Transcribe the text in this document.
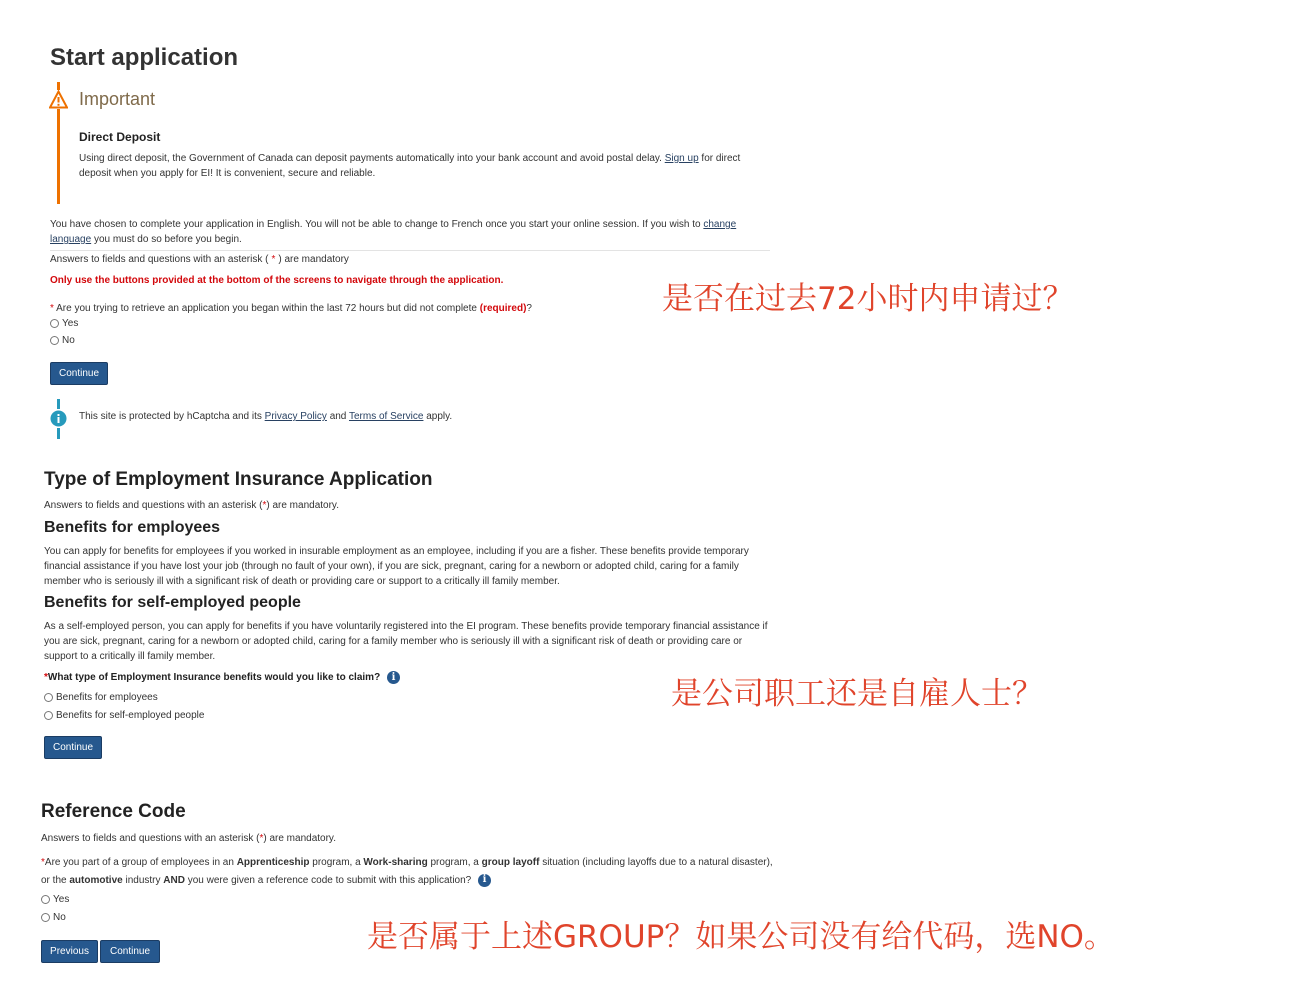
Start application
Important
Direct Deposit
Using direct deposit, the Government of Canada can deposit payments automatically into your bank account and avoid postal delay. Sign up for direct deposit when you apply for EI! It is convenient, secure and reliable.
You have chosen to complete your application in English. You will not be able to change to French once you start your online session. If you wish to change language you must do so before you begin.
Answers to fields and questions with an asterisk ( * ) are mandatory
Only use the buttons provided at the bottom of the screens to navigate through the application.
* Are you trying to retrieve an application you began within the last 72 hours but did not complete (required)?
Yes
No
Continue
This site is protected by hCaptcha and its Privacy Policy and Terms of Service apply.
Type of Employment Insurance Application
Answers to fields and questions with an asterisk (*) are mandatory.
Benefits for employees
You can apply for benefits for employees if you worked in insurable employment as an employee, including if you are a fisher. These benefits provide temporary financial assistance if you have lost your job (through no fault of your own), if you are sick, pregnant, caring for a newborn or adopted child, caring for a family member who is seriously ill with a significant risk of death or providing care or support to a critically ill family member.
Benefits for self-employed people
As a self-employed person, you can apply for benefits if you have voluntarily registered into the EI program. These benefits provide temporary financial assistance if you are sick, pregnant, caring for a newborn or adopted child, caring for a family member who is seriously ill with a significant risk of death or providing care or support to a critically ill family member.
*What type of Employment Insurance benefits would you like to claim? i
Benefits for employees
Benefits for self-employed people
Continue
Reference Code
Answers to fields and questions with an asterisk (*) are mandatory.
*Are you part of a group of employees in an Apprenticeship program, a Work-sharing program, a group layoff situation (including layoffs due to a natural disaster), or the automotive industry AND you were given a reference code to submit with this application? i
Yes
No
Previous	Continue
是否在过去72小时内申请过？
是公司职工还是自雇人士？
是否属于上述GROUP？如果公司没有给代码，选NO。
